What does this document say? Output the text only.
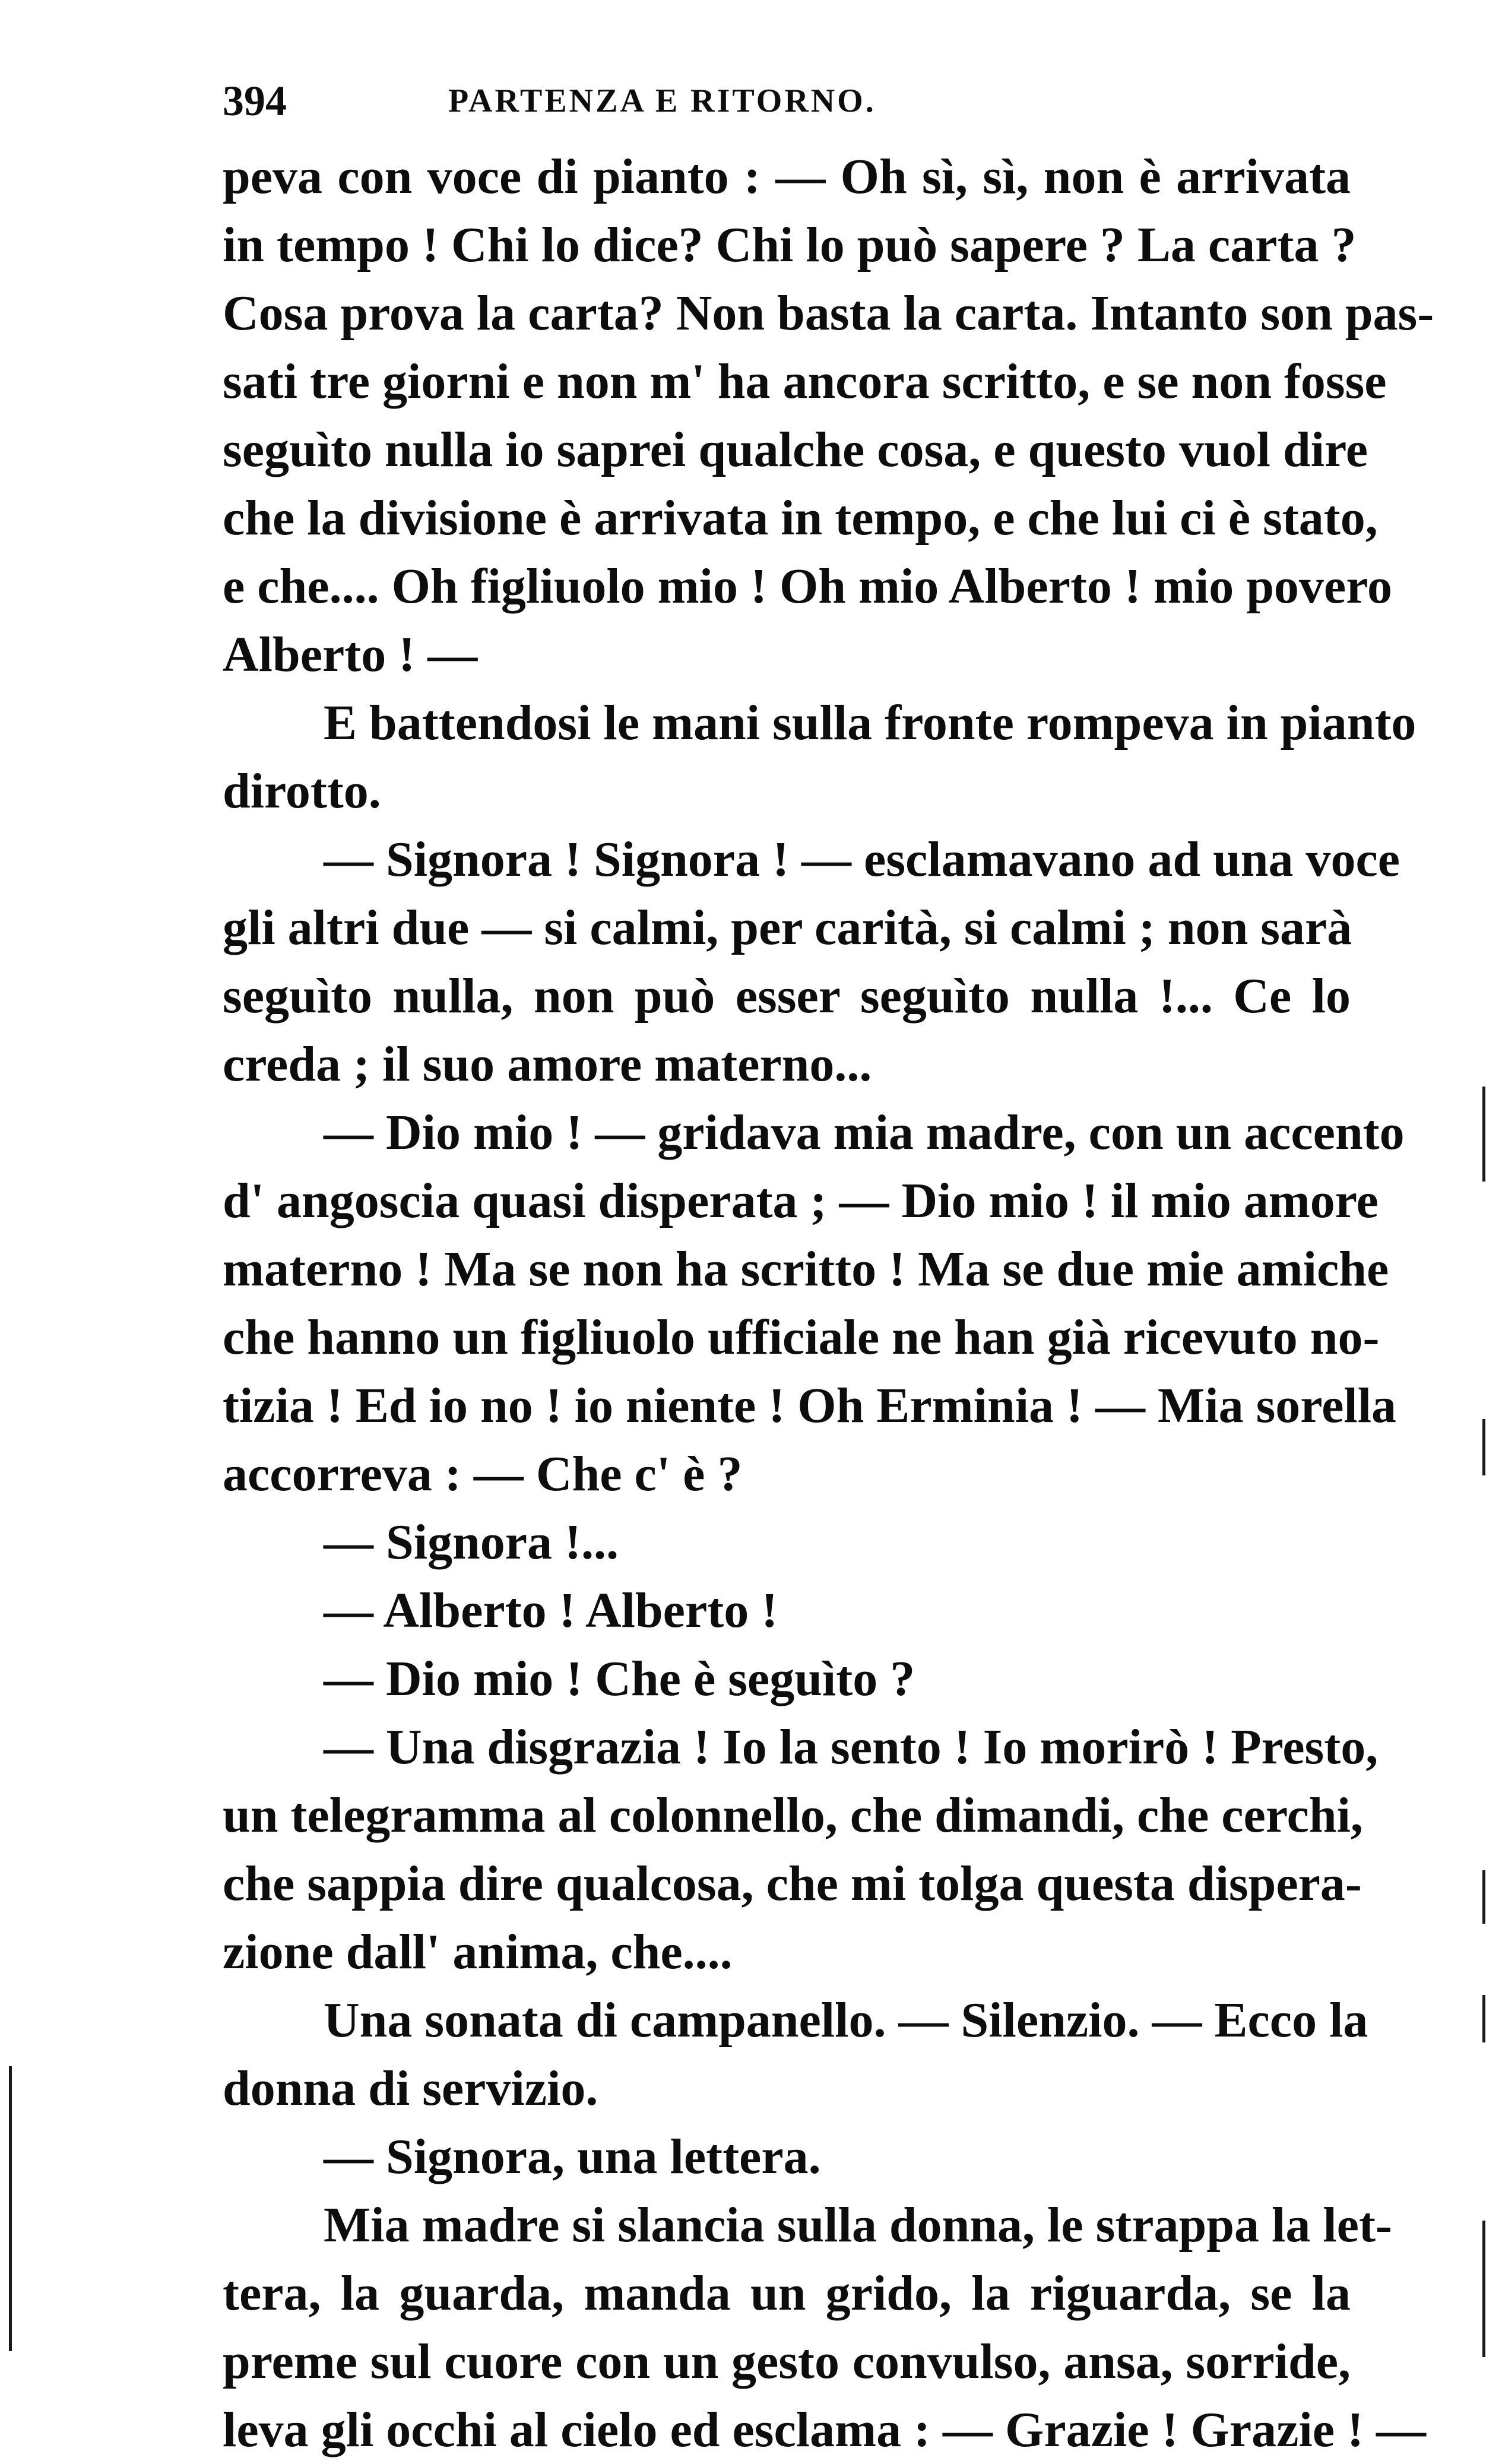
394	PARTENZA E RITORNO.
peva con voce di pianto : — Oh sì, sì, non è arrivata
in tempo ! Chi lo dice? Chi lo può sapere ? La carta ?
Cosa prova la carta? Non basta la carta. Intanto son pas-
sati tre giorni e non m' ha ancora scritto, e se non fosse
seguìto nulla io saprei qualche cosa, e questo vuol dire
che la divisione è arrivata in tempo, e che lui ci è stato,
e che.... Oh figliuolo mio ! Oh mio Alberto ! mio povero
Alberto ! —
E battendosi le mani sulla fronte rompeva in pianto
dirotto.
— Signora ! Signora ! — esclamavano ad una voce
gli altri due — si calmi, per carità, si calmi ; non sarà
seguìto nulla, non può esser seguìto nulla !... Ce lo
creda ; il suo amore materno...
— Dio mio ! — gridava mia madre, con un accento
d' angoscia quasi disperata ; — Dio mio ! il mio amore
materno ! Ma se non ha scritto ! Ma se due mie amiche
che hanno un figliuolo ufficiale ne han già ricevuto no-
tizia ! Ed io no ! io niente ! Oh Erminia ! — Mia sorella
accorreva : — Che c' è ?
— Signora !...
— Alberto ! Alberto !
— Dio mio ! Che è seguìto ?
— Una disgrazia ! Io la sento ! Io morirò ! Presto,
un telegramma al colonnello, che dimandi, che cerchi,
che sappia dire qualcosa, che mi tolga questa dispera-
zione dall' anima, che....
Una sonata di campanello. — Silenzio. — Ecco la
donna di servizio.
— Signora, una lettera.
Mia madre si slancia sulla donna, le strappa la let-
tera, la guarda, manda un grido, la riguarda, se la
preme sul cuore con un gesto convulso, ansa, sorride,
leva gli occhi al cielo ed esclama : — Grazie ! Grazie ! —
